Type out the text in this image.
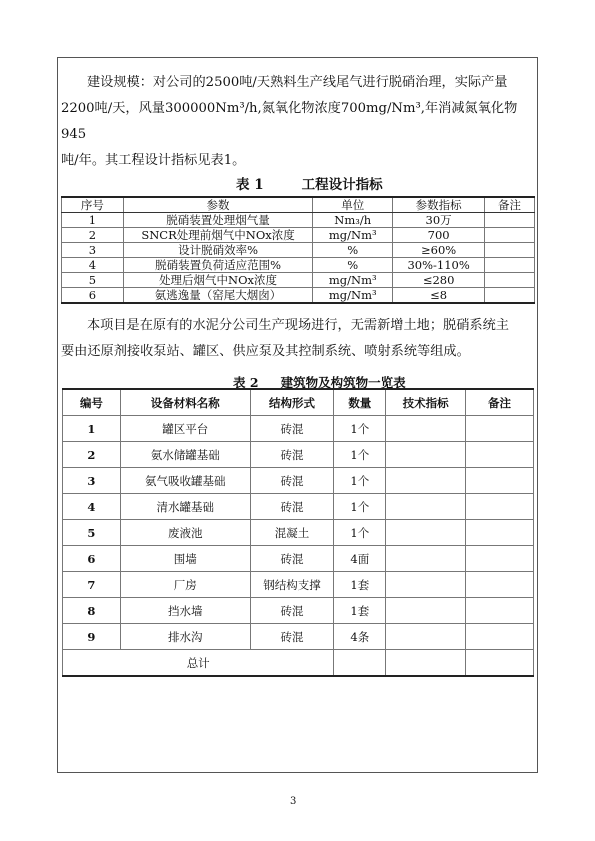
建设规模：对公司的2500吨/天熟料生产线尾气进行脱硝治理，实际产量

2200吨/天，风量300000Nm³/h,氮氧化物浓度700mg/Nm³,年消减氮氧化物945

吨/年。其工程设计指标见表1。

表 1	工程设计指标
序号	参数	单位	参数指标	备注
1	脱硝装置处理烟气量	Nm₃/h	30万	
2	SNCR处理前烟气中NOx浓度	mg/Nm³	700	
3	设计脱硝效率%	%	≥60%	
4	脱硝装置负荷适应范围%	%	30%-110%	
5	处理后烟气中NOx浓度	mg/Nm³	≤280	
6	氨逃逸量（窑尾大烟囱）	mg/Nm³	≤8	

本项目是在原有的水泥分公司生产现场进行，无需新增土地；脱硝系统主

要由还原剂接收泵站、罐区、供应泵及其控制系统、喷射系统等组成。

表 2 建筑物及构筑物一览表
编号	设备材料名称	结构形式	数量	技术指标	备注
1	罐区平台	砖混	1个		
2	氨水储罐基础	砖混	1个		
3	氨气吸收罐基础	砖混	1个		
4	清水罐基础	砖混	1个		
5	废液池	混凝土	1个		
6	围墙	砖混	4面		
7	厂房	钢结构支撑	1套		
8	挡水墙	砖混	1套		
9	排水沟	砖混	4条		
总计					
3
